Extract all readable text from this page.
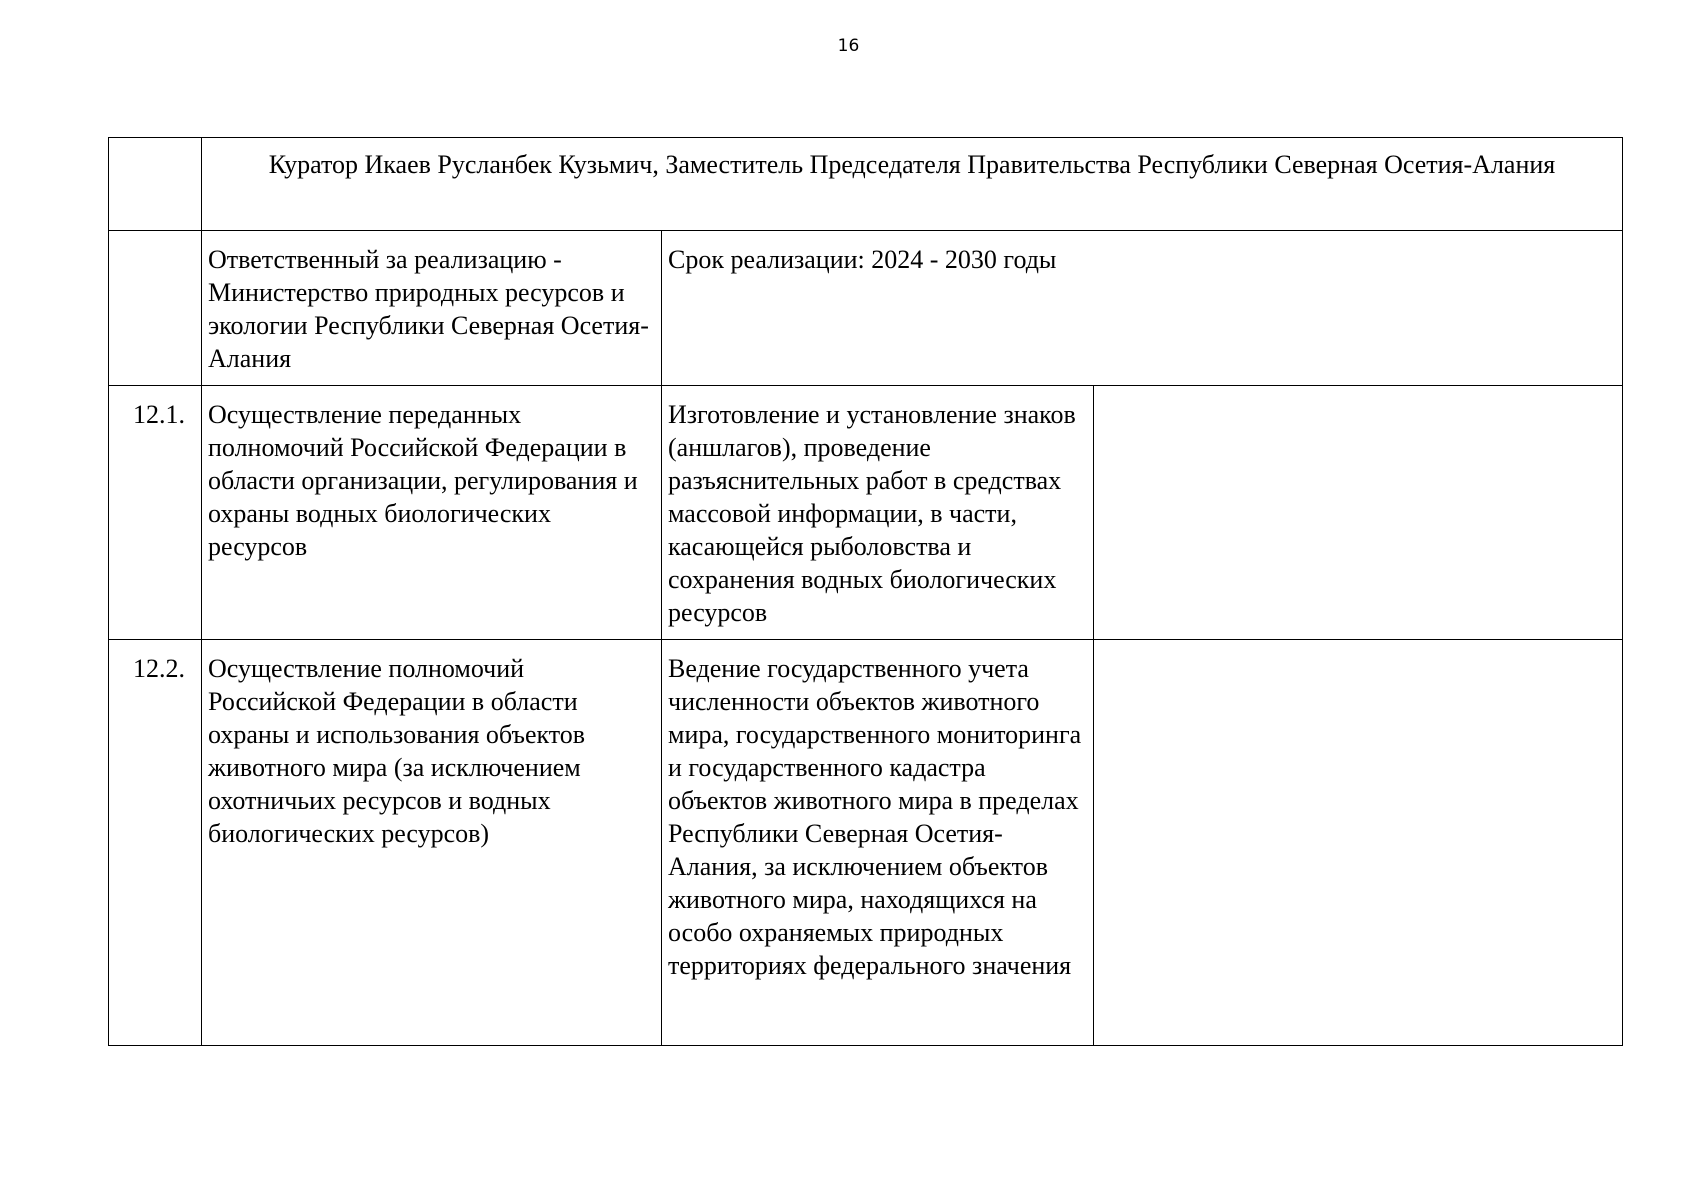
16

	Куратор Икаев Русланбек Кузьмич, Заместитель Председателя Правительства Республики Северная Осетия-Алания		

	Ответственный за реализацию - Министерство природных ресурсов и экологии Республики Северная Осетия-Алания	Срок реализации: 2024 - 2030 годы	

12.1.	Осуществление переданных полномочий Российской Федерации в области организации, регулирования и охраны водных биологических ресурсов	Изготовление и установление знаков (аншлагов), проведение разъяснительных работ в средствах массовой информации, в части, касающейся рыболовства и сохранения водных биологических ресурсов	

12.2.	Осуществление полномочий Российской Федерации в области охраны и использования объектов животного мира (за исключением охотничьих ресурсов и водных биологических ресурсов)	Ведение государственного учета численности объектов животного мира, государственного мониторинга и государственного кадастра объектов животного мира в пределах Республики Северная Осетия-Алания, за исключением объектов животного мира, находящихся на особо охраняемых природных территориях федерального значения	
